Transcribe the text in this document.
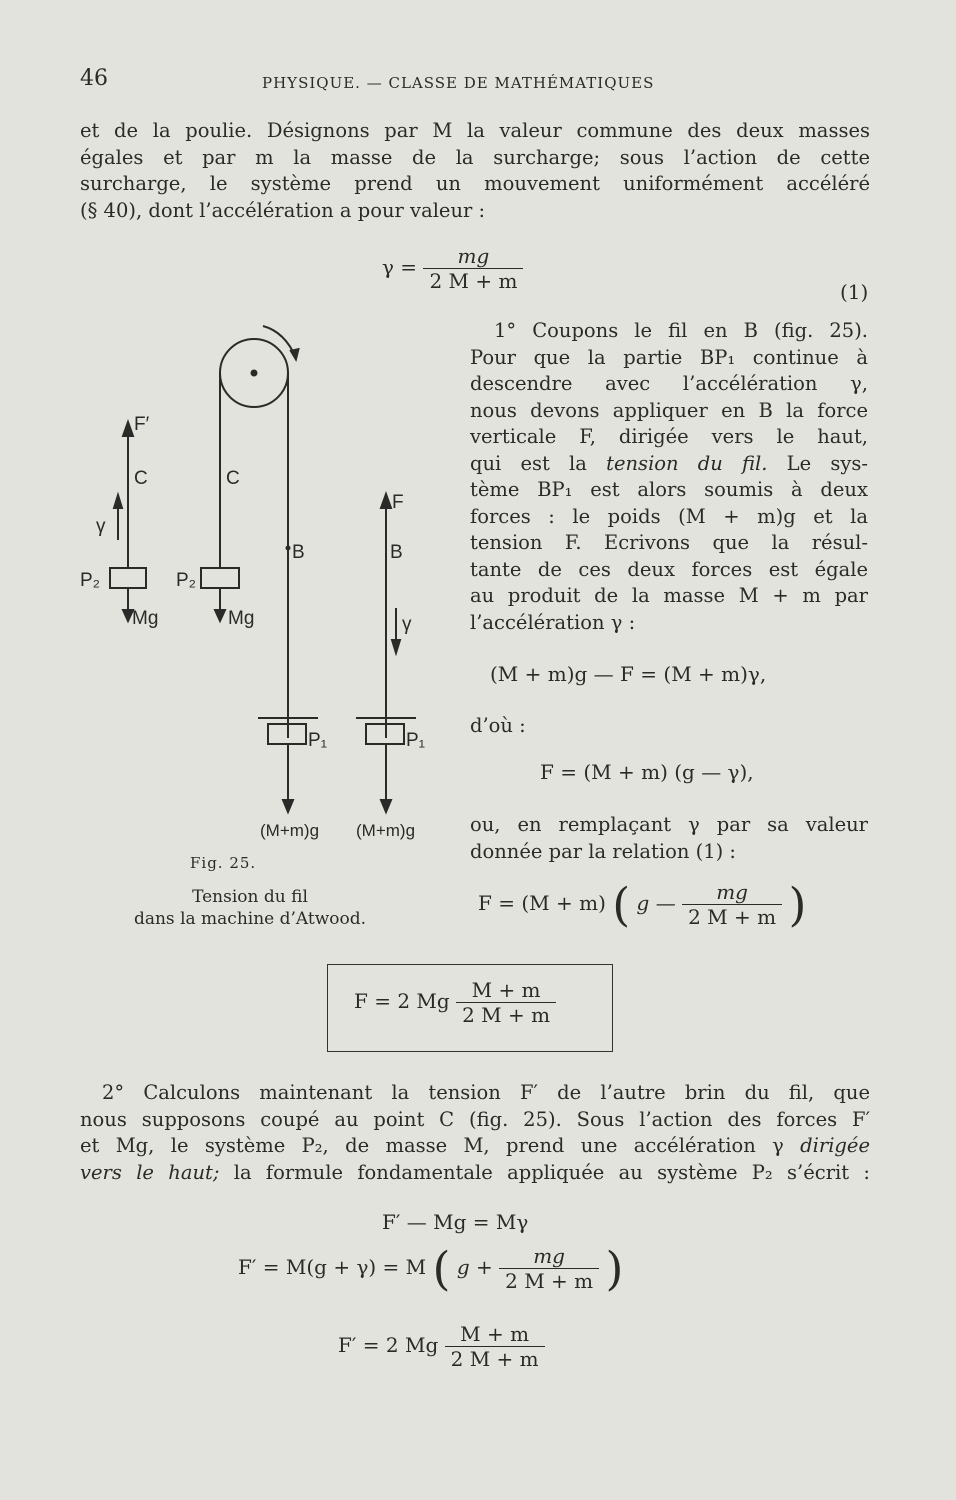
46	PHYSIQUE. — CLASSE DE MATHÉMATIQUES

et de la poulie. Désignons par M la valeur commune des deux masses

égales et par m la masse de la surcharge; sous l’action de cette

surcharge, le système prend un mouvement uniformément accéléré

(§ 40), dont l’accélération a pour valeur :

$\gamma = \frac{mg}{2 M + m}$	(1)

1° Coupons le fil en B (fig. 25).

Pour que la partie BP₁ continue à

descendre avec l’accélération γ,

nous devons appliquer en B la force

verticale F, dirigée vers le haut,

qui est la tension du fil. Le sys-

tème BP₁ est alors soumis à deux

forces : le poids (M + m)g et la

tension F. Ecrivons que la résul-

tante de ces deux forces est égale

au produit de la masse M + m par

l’accélération γ :

(M + m)g — F = (M + m)γ,
d’où :
F = (M + m) (g — γ),

ou, en remplaçant γ par sa valeur

donnée par la relation (1) :

F = (M + m) ( g — $\frac{mg}{2 M + m}$ )
F = 2 Mg $\frac{M + m}{2 M + m}$
F′
C	C
γ
P₂	P₂
Mg	Mg
B
F
B
γ
P₁	P₁
(M+m)g (M+m)g
Fig. 25.
Tension du fil
dans la machine d’Atwood.

2° Calculons maintenant la tension F′ de l’autre brin du fil, que

nous supposons coupé au point C (fig. 25). Sous l’action des forces F′

et Mg, le système P₂, de masse M, prend une accélération γ dirigée

vers le haut; la formule fondamentale appliquée au système P₂ s’écrit :

F′ — Mg = Mγ
F′ = M(g + γ) = M ( $g + \frac{mg}{2 M + m}$ )
F′ = 2 Mg $\frac{M + m}{2 M + m}$
